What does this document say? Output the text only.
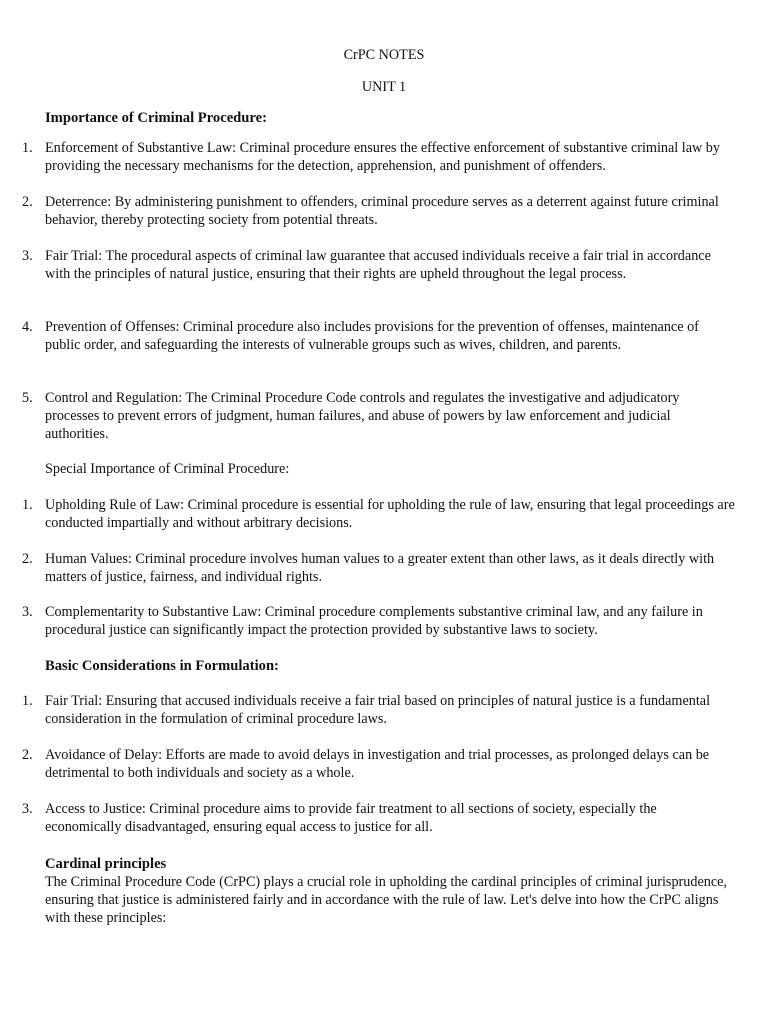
CrPC NOTES
UNIT 1
Importance of Criminal Procedure:
1. Enforcement of Substantive Law: Criminal procedure ensures the effective enforcement of substantive criminal law by providing the necessary mechanisms for the detection, apprehension, and punishment of offenders.
2. Deterrence: By administering punishment to offenders, criminal procedure serves as a deterrent against future criminal behavior, thereby protecting society from potential threats.
3. Fair Trial: The procedural aspects of criminal law guarantee that accused individuals receive a fair trial in accordance with the principles of natural justice, ensuring that their rights are upheld throughout the legal process.
4. Prevention of Offenses: Criminal procedure also includes provisions for the prevention of offenses, maintenance of public order, and safeguarding the interests of vulnerable groups such as wives, children, and parents.
5. Control and Regulation: The Criminal Procedure Code controls and regulates the investigative and adjudicatory processes to prevent errors of judgment, human failures, and abuse of powers by law enforcement and judicial authorities.
Special Importance of Criminal Procedure:
1. Upholding Rule of Law: Criminal procedure is essential for upholding the rule of law, ensuring that legal proceedings are conducted impartially and without arbitrary decisions.
2. Human Values: Criminal procedure involves human values to a greater extent than other laws, as it deals directly with matters of justice, fairness, and individual rights.
3. Complementarity to Substantive Law: Criminal procedure complements substantive criminal law, and any failure in procedural justice can significantly impact the protection provided by substantive laws to society.
Basic Considerations in Formulation:
1. Fair Trial: Ensuring that accused individuals receive a fair trial based on principles of natural justice is a fundamental consideration in the formulation of criminal procedure laws.
2. Avoidance of Delay: Efforts are made to avoid delays in investigation and trial processes, as prolonged delays can be detrimental to both individuals and society as a whole.
3. Access to Justice: Criminal procedure aims to provide fair treatment to all sections of society, especially the economically disadvantaged, ensuring equal access to justice for all.
Cardinal principles
The Criminal Procedure Code (CrPC) plays a crucial role in upholding the cardinal principles of criminal jurisprudence, ensuring that justice is administered fairly and in accordance with the rule of law. Let's delve into how the CrPC aligns with these principles:
